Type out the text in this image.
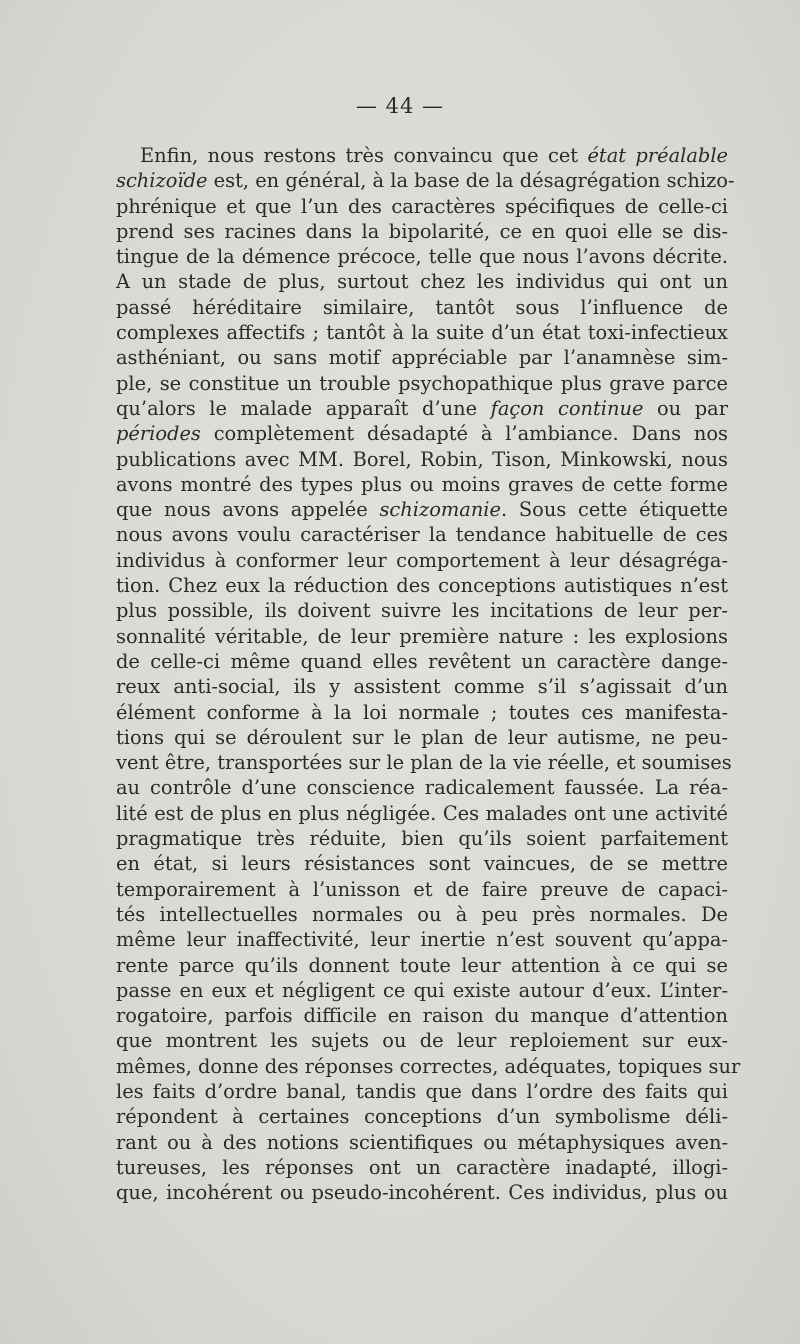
— 44 —
Enfin, nous restons très convaincu que cet état préalable
schizoïde est, en général, à la base de la désagrégation schizo-
phrénique et que l’un des caractères spécifiques de celle-ci
prend ses racines dans la bipolarité, ce en quoi elle se dis-
tingue de la démence précoce, telle que nous l’avons décrite.
A un stade de plus, surtout chez les individus qui ont un
passé héréditaire similaire, tantôt sous l’influence de
complexes affectifs ; tantôt à la suite d’un état toxi-infectieux
asthéniant, ou sans motif appréciable par l’anamnèse sim-
ple, se constitue un trouble psychopathique plus grave parce
qu’alors le malade apparaît d’une façon continue ou par
périodes complètement désadapté à l’ambiance. Dans nos
publications avec MM. Borel, Robin, Tison, Minkowski, nous
avons montré des types plus ou moins graves de cette forme
que nous avons appelée schizomanie. Sous cette étiquette
nous avons voulu caractériser la tendance habituelle de ces
individus à conformer leur comportement à leur désagréga-
tion. Chez eux la réduction des conceptions autistiques n’est
plus possible, ils doivent suivre les incitations de leur per-
sonnalité véritable, de leur première nature : les explosions
de celle-ci même quand elles revêtent un caractère dange-
reux anti-social, ils y assistent comme s’il s’agissait d’un
élément conforme à la loi normale ; toutes ces manifesta-
tions qui se déroulent sur le plan de leur autisme, ne peu-
vent être, transportées sur le plan de la vie réelle, et soumises
au contrôle d’une conscience radicalement faussée. La réa-
lité est de plus en plus négligée. Ces malades ont une activité
pragmatique très réduite, bien qu’ils soient parfaitement
en état, si leurs résistances sont vaincues, de se mettre
temporairement à l’unisson et de faire preuve de capaci-
tés intellectuelles normales ou à peu près normales. De
même leur inaffectivité, leur inertie n’est souvent qu’appa-
rente parce qu’ils donnent toute leur attention à ce qui se
passe en eux et négligent ce qui existe autour d’eux. L’inter-
rogatoire, parfois difficile en raison du manque d’attention
que montrent les sujets ou de leur reploiement sur eux-
mêmes, donne des réponses correctes, adéquates, topiques sur
les faits d’ordre banal, tandis que dans l’ordre des faits qui
répondent à certaines conceptions d’un symbolisme déli-
rant ou à des notions scientifiques ou métaphysiques aven-
tureuses, les réponses ont un caractère inadapté, illogi-
que, incohérent ou pseudo-incohérent. Ces individus, plus ou
